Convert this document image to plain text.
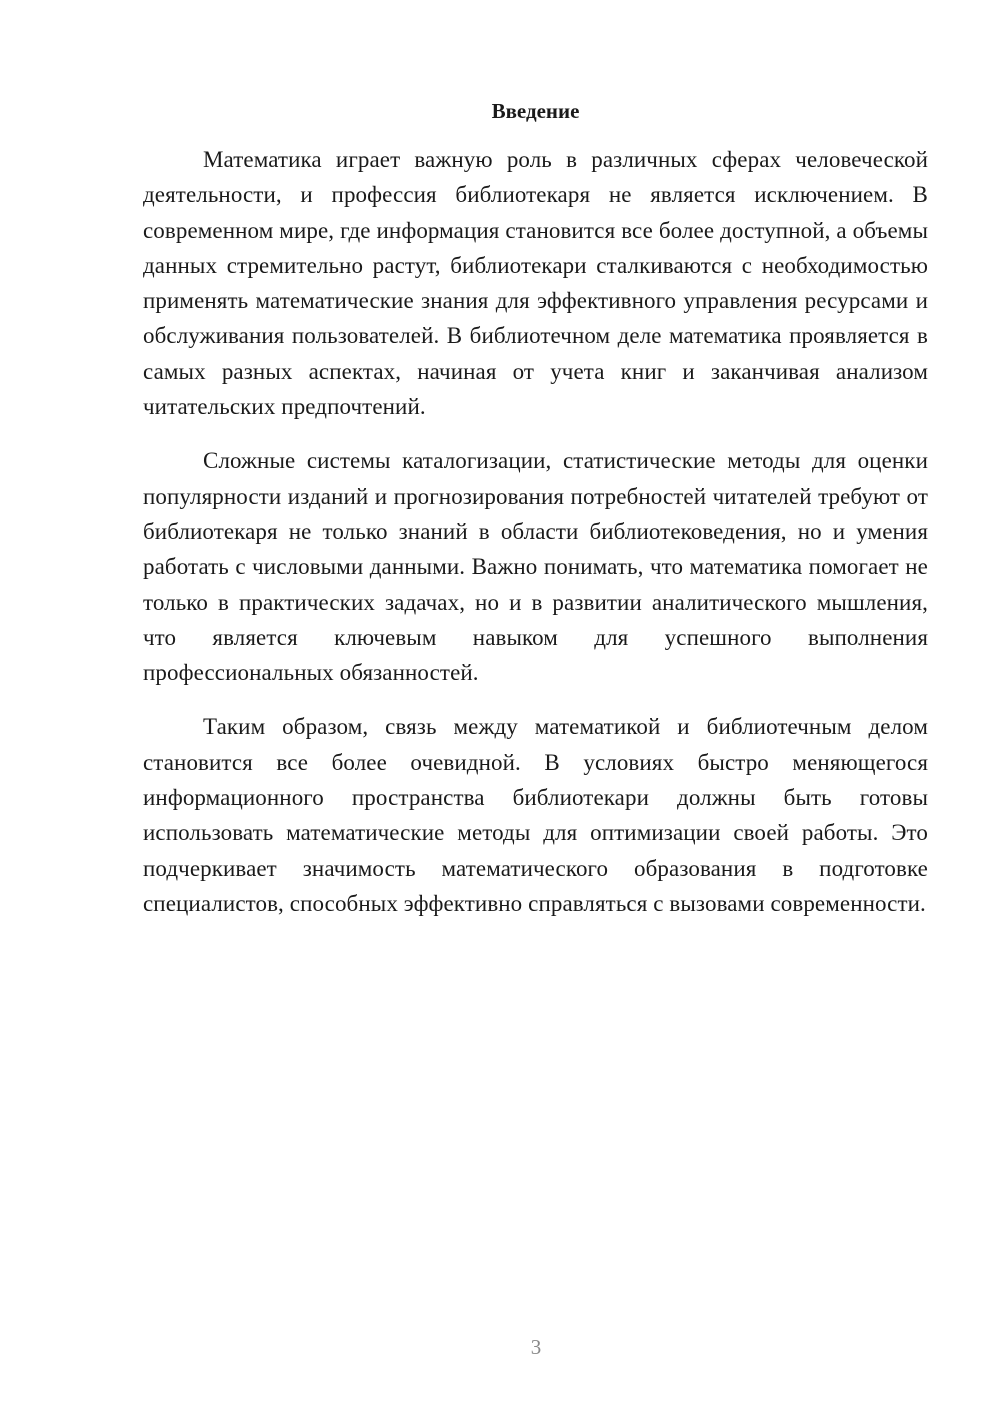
Введение

Математика играет важную роль в различных сферах человеческой деятельности, и профессия библиотекаря не является исключением. В современном мире, где информация становится все более доступной, а объемы данных стремительно растут, библиотекари сталкиваются с необходимостью применять математические знания для эффективного управления ресурсами и обслуживания пользователей. В библиотечном деле математика проявляется в самых разных аспектах, начиная от учета книг и заканчивая анализом читательских предпочтений.

Сложные системы каталогизации, статистические методы для оценки популярности изданий и прогнозирования потребностей читателей требуют от библиотекаря не только знаний в области библиотековедения, но и умения работать с числовыми данными. Важно понимать, что математика помогает не только в практических задачах, но и в развитии аналитического мышления, что является ключевым навыком для успешного выполнения профессиональных обязанностей.

Таким образом, связь между математикой и библиотечным делом становится все более очевидной. В условиях быстро меняющегося информационного пространства библиотекари должны быть готовы использовать математические методы для оптимизации своей работы. Это подчеркивает значимость математического образования в подготовке специалистов, способных эффективно справляться с вызовами современности.

3
